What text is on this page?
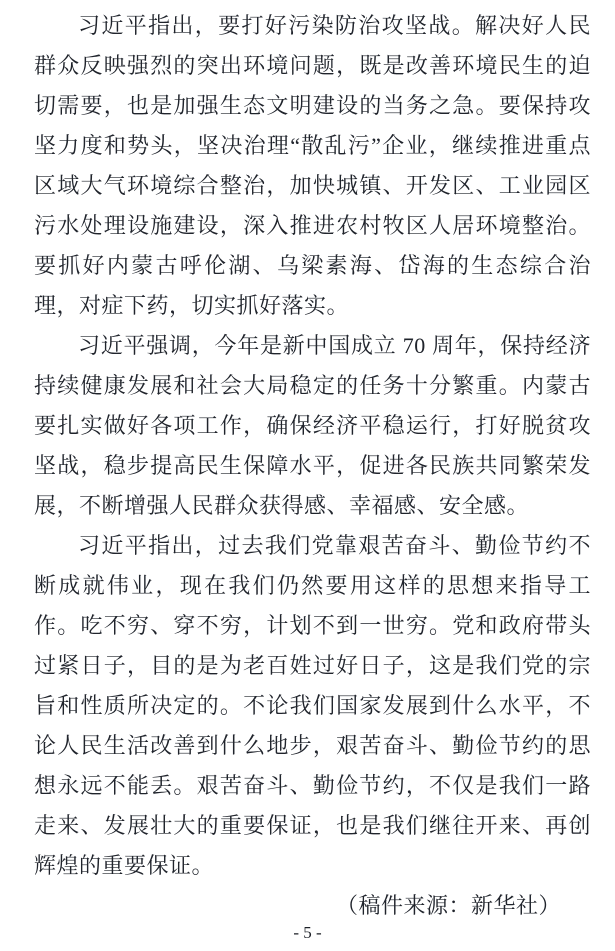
习近平指出，要打好污染防治攻坚战。解决好人民群众反映强烈的突出环境问题，既是改善环境民生的迫切需要，也是加强生态文明建设的当务之急。要保持攻坚力度和势头，坚决治理“散乱污”企业，继续推进重点区域大气环境综合整治，加快城镇、开发区、工业园区污水处理设施建设，深入推进农村牧区人居环境整治。要抓好内蒙古呼伦湖、乌梁素海、岱海的生态综合治理，对症下药，切实抓好落实。

习近平强调，今年是新中国成立 70 周年，保持经济持续健康发展和社会大局稳定的任务十分繁重。内蒙古要扎实做好各项工作，确保经济平稳运行，打好脱贫攻坚战，稳步提高民生保障水平，促进各民族共同繁荣发展，不断增强人民群众获得感、幸福感、安全感。

习近平指出，过去我们党靠艰苦奋斗、勤俭节约不断成就伟业，现在我们仍然要用这样的思想来指导工作。吃不穷、穿不穷，计划不到一世穷。党和政府带头过紧日子，目的是为老百姓过好日子，这是我们党的宗旨和性质所决定的。不论我们国家发展到什么水平，不论人民生活改善到什么地步，艰苦奋斗、勤俭节约的思想永远不能丢。艰苦奋斗、勤俭节约，不仅是我们一路走来、发展壮大的重要保证，也是我们继往开来、再创辉煌的重要保证。

（稿件来源：新华社）

- 5 -
